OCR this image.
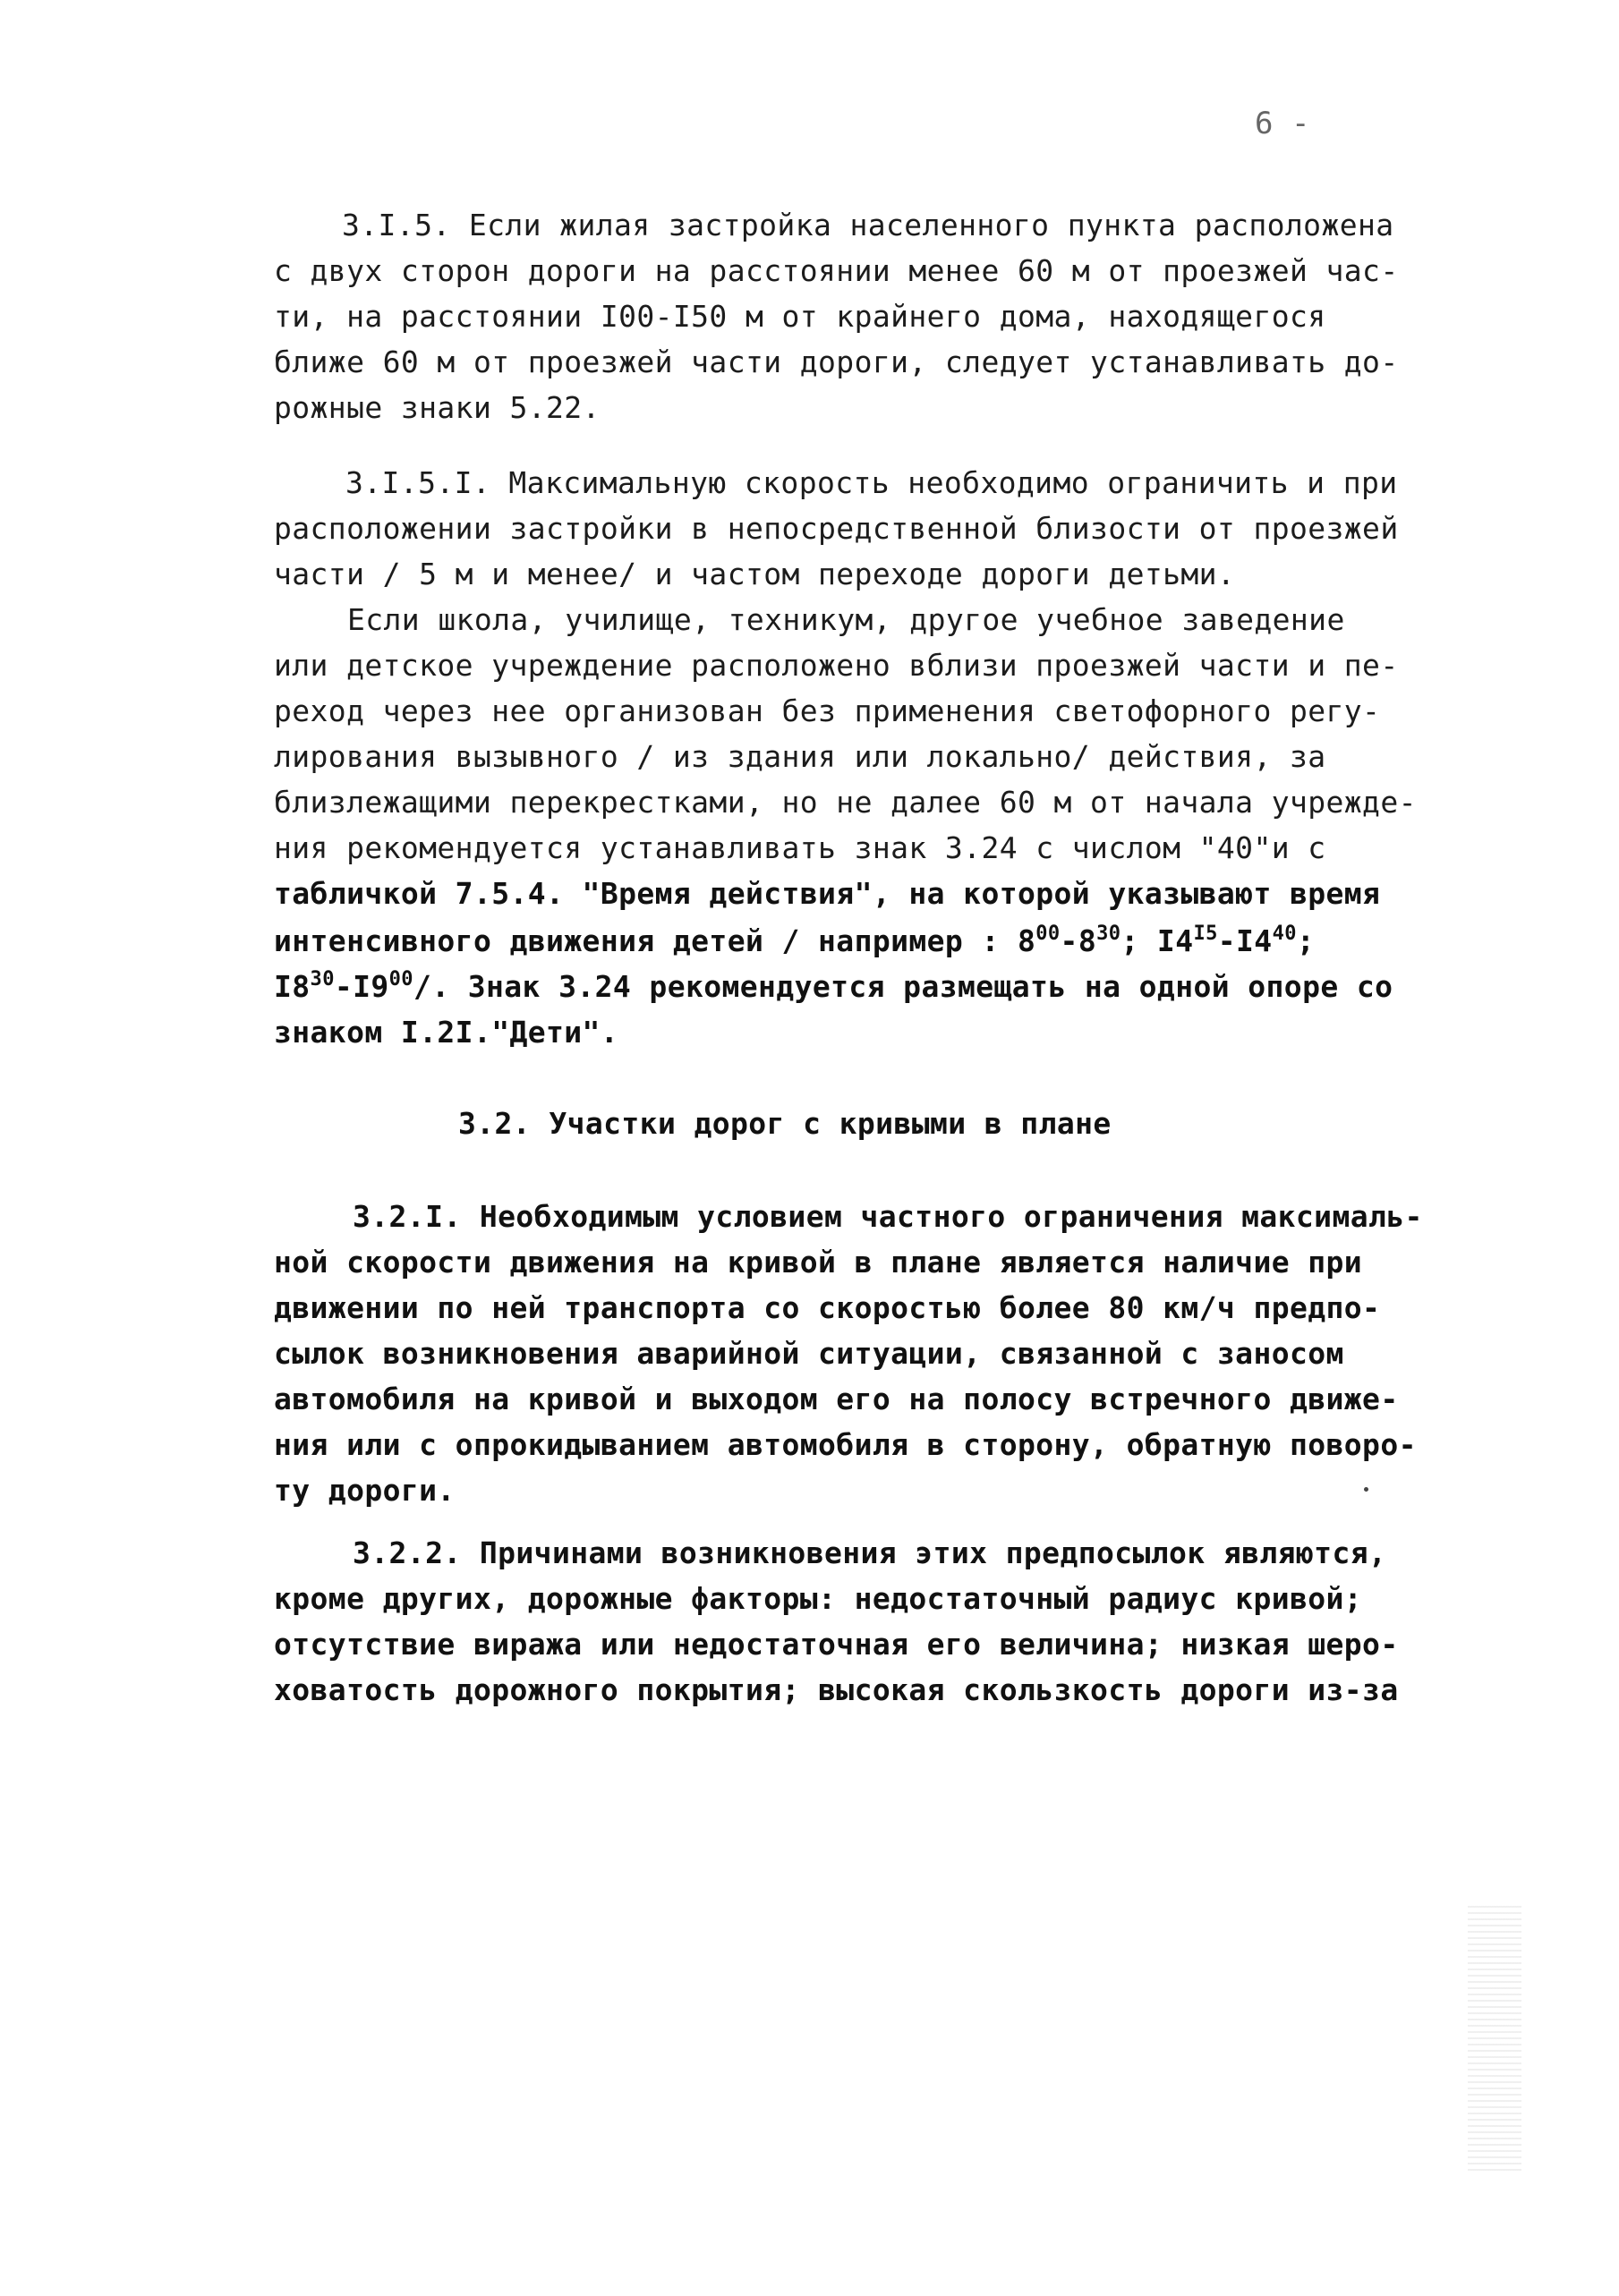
6 -
3.I.5. Если жилая застройка населенного пункта расположена
с двух сторон дороги на расстоянии менее 60 м от проезжей час-
ти, на расстоянии I00-I50 м от крайнего дома, находящегося
ближе 60 м от проезжей части дороги, следует устанавливать до-
рожные знаки 5.22.
3.I.5.I. Максимальную скорость необходимо ограничить и при
расположении застройки в непосредственной близости от проезжей
части / 5 м и менее/ и частом переходе дороги детьми.
Если школа, училище, техникум, другое учебное заведение
или детское учреждение расположено вблизи проезжей части и пе-
реход через нее организован без применения светофорного регу-
лирования вызывного / из здания или локально/ действия, за
близлежащими перекрестками, но не далее 60 м от начала учрежде-
ния рекомендуется устанавливать знак 3.24 с числом "40"и с
табличкой 7.5.4. "Время действия", на которой указывают время
интенсивного движения детей / например : $8^{00}-8^{30}$; $I4^{I5}-I4^{40}$;
$I8^{30}-I9^{00}/$. Знак 3.24 рекомендуется размещать на одной опоре со
знаком I.2I."Дети".
3.2. Участки дорог с кривыми в плане
3.2.I. Необходимым условием частного ограничения максималь-
ной скорости движения на кривой в плане является наличие при
движении по ней транспорта со скоростью более 80 км/ч предпо-
сылок возникновения аварийной ситуации, связанной с заносом
автомобиля на кривой и выходом его на полосу встречного движе-
ния или с опрокидыванием автомобиля в сторону, обратную поворо-
ту дороги.
3.2.2. Причинами возникновения этих предпосылок являются,
кроме других, дорожные факторы: недостаточный радиус кривой;
отсутствие виража или недостаточная его величина; низкая шеро-
ховатость дорожного покрытия; высокая скользкость дороги из-за
